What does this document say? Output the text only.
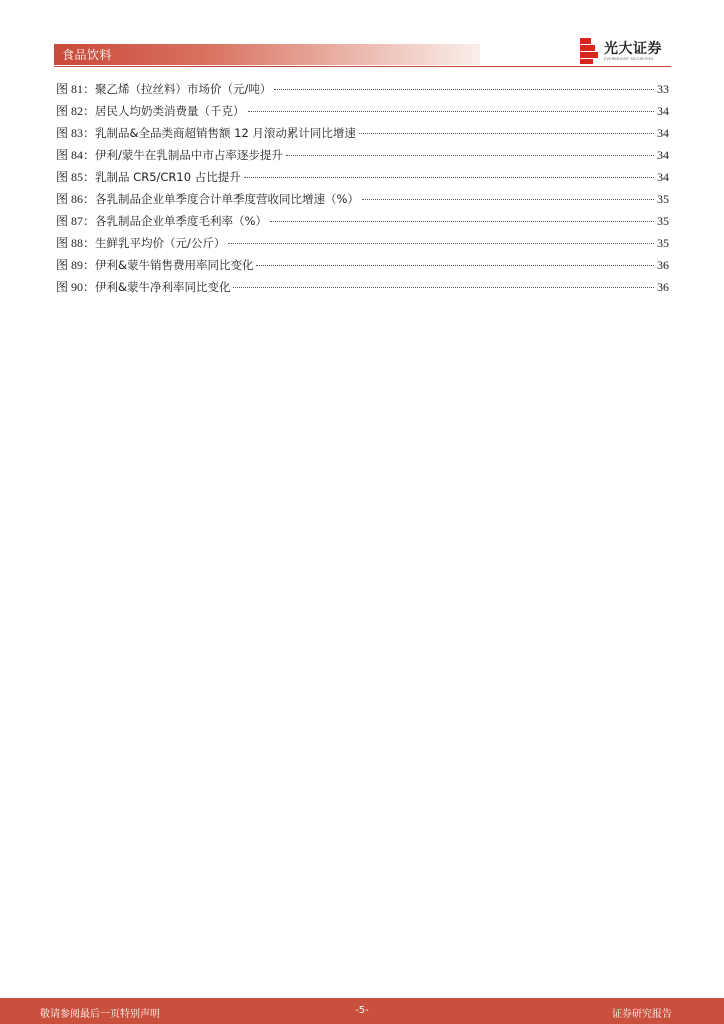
食品饮料	光大证券
EVERBRIGHT SECURITIES
图 81： 聚乙烯（拉丝料）市场价（元/吨）	33
图 82： 居民人均奶类消费量（千克）	34
图 83： 乳制品&全品类商超销售额 12 月滚动累计同比增速	34
图 84： 伊利/蒙牛在乳制品中市占率逐步提升	34
图 85： 乳制品 CR5/CR10 占比提升	34
图 86： 各乳制品企业单季度合计单季度营收同比增速（%）	35
图 87： 各乳制品企业单季度毛利率（%）	35
图 88： 生鲜乳平均价（元/公斤）	35
图 89： 伊利&蒙牛销售费用率同比变化	36
图 90： 伊利&蒙牛净利率同比变化	36
敬请参阅最后一页特别声明	-5-	证券研究报告
